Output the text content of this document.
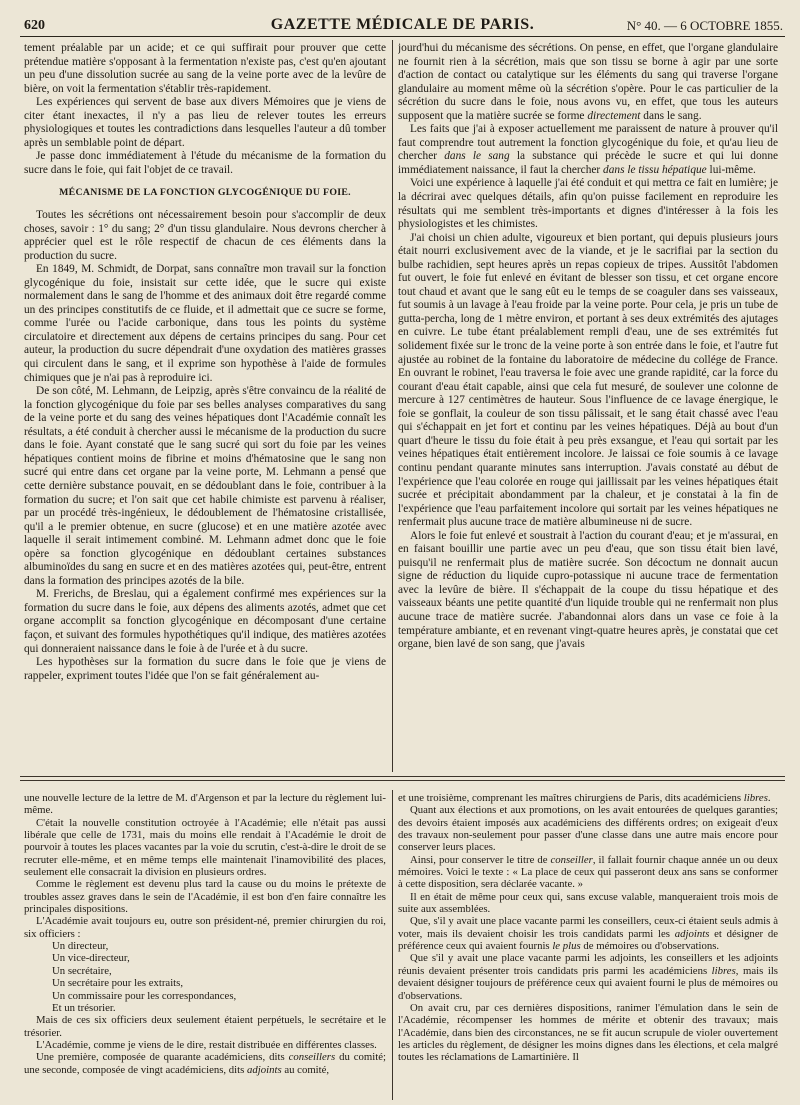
620	GAZETTE MÉDICALE DE PARIS.	N° 40. — 6 OCTOBRE 1855.

tement préalable par un acide; et ce qui suffirait pour prouver que cette prétendue matière s'opposant à la fermentation n'existe pas, c'est qu'en ajoutant un peu d'une dissolution sucrée au sang de la veine porte avec de la levûre de bière, on voit la fermentation s'établir très-rapidement.

Les expériences qui servent de base aux divers Mémoires que je viens de citer étant inexactes, il n'y a pas lieu de relever toutes les erreurs physiologiques et toutes les contradictions dans lesquelles l'auteur a dû tomber après un semblable point de départ.

Je passe donc immédiatement à l'étude du mécanisme de la formation du sucre dans le foie, qui fait l'objet de ce travail.

MÉCANISME DE LA FONCTION GLYCOGÉNIQUE DU FOIE.

Toutes les sécrétions ont nécessairement besoin pour s'accomplir de deux choses, savoir : 1° du sang; 2° d'un tissu glandulaire. Nous devrons chercher à apprécier quel est le rôle respectif de chacun de ces éléments dans la production du sucre.

En 1849, M. Schmidt, de Dorpat, sans connaître mon travail sur la fonction glycogénique du foie, insistait sur cette idée, que le sucre qui existe normalement dans le sang de l'homme et des animaux doit être regardé comme un des principes constitutifs de ce fluide, et il admettait que ce sucre se forme, comme l'urée ou l'acide carbonique, dans tous les points du système circulatoire et directement aux dépens de certains principes du sang. Pour cet auteur, la production du sucre dépendrait d'une oxydation des matières grasses qui circulent dans le sang, et il exprime son hypothèse à l'aide de formules chimiques que je n'ai pas à reproduire ici.

De son côté, M. Lehmann, de Leipzig, après s'être convaincu de la réalité de la fonction glycogénique du foie par ses belles analyses comparatives du sang de la veine porte et du sang des veines hépatiques dont l'Académie connaît les résultats, a été conduit à chercher aussi le mécanisme de la production du sucre dans le foie. Ayant constaté que le sang sucré qui sort du foie par les veines hépatiques contient moins de fibrine et moins d'hématosine que le sang non sucré qui entre dans cet organe par la veine porte, M. Lehmann a pensé que cette dernière substance pouvait, en se dédoublant dans le foie, contribuer à la formation du sucre; et l'on sait que cet habile chimiste est parvenu à réaliser, par un procédé très-ingénieux, le dédoublement de l'hématosine cristallisée, qu'il a le premier obtenue, en sucre (glucose) et en une matière azotée avec laquelle il serait intimement combiné. M. Lehmann admet donc que le foie opère sa fonction glycogénique en dédoublant certaines substances albuminoïdes du sang en sucre et en des matières azotées qui, peut-être, entrent dans la formation des principes azotés de la bile.

M. Frerichs, de Breslau, qui a également confirmé mes expériences sur la formation du sucre dans le foie, aux dépens des aliments azotés, admet que cet organe accomplit sa fonction glycogénique en décomposant d'une certaine façon, et suivant des formules hypothétiques qu'il indique, des matières azotées qui donneraient naissance dans le foie à de l'urée et à du sucre.

Les hypothèses sur la formation du sucre dans le foie que je viens de rappeler, expriment toutes l'idée que l'on se fait généralement au-

jourd'hui du mécanisme des sécrétions. On pense, en effet, que l'organe glandulaire ne fournit rien à la sécrétion, mais que son tissu se borne à agir par une sorte d'action de contact ou catalytique sur les éléments du sang qui traverse l'organe glandulaire au moment même où la sécrétion s'opère. Pour le cas particulier de la sécrétion du sucre dans le foie, nous avons vu, en effet, que tous les auteurs supposent que la matière sucrée se forme directement dans le sang.

Les faits que j'ai à exposer actuellement me paraissent de nature à prouver qu'il faut comprendre tout autrement la fonction glycogénique du foie, et qu'au lieu de chercher dans le sang la substance qui précède le sucre et qui lui donne immédiatement naissance, il faut la chercher dans le tissu hépatique lui-même.

Voici une expérience à laquelle j'ai été conduit et qui mettra ce fait en lumière; je la décrirai avec quelques détails, afin qu'on puisse facilement en reproduire les résultats qui me semblent très-importants et dignes d'intéresser à la fois les physiologistes et les chimistes.

J'ai choisi un chien adulte, vigoureux et bien portant, qui depuis plusieurs jours était nourri exclusivement avec de la viande, et je le sacrifiai par la section du bulbe rachidien, sept heures après un repas copieux de tripes. Aussitôt l'abdomen fut ouvert, le foie fut enlevé en évitant de blesser son tissu, et cet organe encore tout chaud et avant que le sang eût eu le temps de se coaguler dans ses vaisseaux, fut soumis à un lavage à l'eau froide par la veine porte. Pour cela, je pris un tube de gutta-percha, long de 1 mètre environ, et portant à ses deux extrémités des ajutages en cuivre. Le tube étant préalablement rempli d'eau, une de ses extrémités fut solidement fixée sur le tronc de la veine porte à son entrée dans le foie, et l'autre fut ajustée au robinet de la fontaine du laboratoire de médecine du collége de France. En ouvrant le robinet, l'eau traversa le foie avec une grande rapidité, car la force du courant d'eau était capable, ainsi que cela fut mesuré, de soulever une colonne de mercure à 127 centimètres de hauteur. Sous l'influence de ce lavage énergique, le foie se gonflait, la couleur de son tissu pâlissait, et le sang était chassé avec l'eau qui s'échappait en jet fort et continu par les veines hépatiques. Déjà au bout d'un quart d'heure le tissu du foie était à peu près exsangue, et l'eau qui sortait par les veines hépatiques était entièrement incolore. Je laissai ce foie soumis à ce lavage continu pendant quarante minutes sans interruption. J'avais constaté au début de l'expérience que l'eau colorée en rouge qui jaillissait par les veines hépatiques était sucrée et précipitait abondamment par la chaleur, et je constatai à la fin de l'expérience que l'eau parfaitement incolore qui sortait par les veines hépatiques ne renfermait plus aucune trace de matière albumineuse ni de sucre.

Alors le foie fut enlevé et soustrait à l'action du courant d'eau; et je m'assurai, en en faisant bouillir une partie avec un peu d'eau, que son tissu était bien lavé, puisqu'il ne renfermait plus de matière sucrée. Son décoctum ne donnait aucun signe de réduction du liquide cupro-potassique ni aucune trace de fermentation avec la levûre de bière. Il s'échappait de la coupe du tissu hépatique et des vaisseaux béants une petite quantité d'un liquide trouble qui ne renfermait non plus aucune trace de matière sucrée. J'abandonnai alors dans un vase ce foie à la température ambiante, et en revenant vingt-quatre heures après, je constatai que cet organe, bien lavé de son sang, que j'avais

une nouvelle lecture de la lettre de M. d'Argenson et par la lecture du règlement lui-même.

C'était la nouvelle constitution octroyée à l'Académie; elle n'était pas aussi libérale que celle de 1731, mais du moins elle rendait à l'Académie le droit de pourvoir à toutes les places vacantes par la voie du scrutin, c'est-à-dire le droit de se recruter elle-même, et en même temps elle maintenait l'inamovibilité des places, seulement elle consacrait la division en plusieurs ordres.

Comme le règlement est devenu plus tard la cause ou du moins le prétexte de troubles assez graves dans le sein de l'Académie, il est bon d'en faire connaître les principales dispositions.

L'Académie avait toujours eu, outre son président-né, premier chirurgien du roi, six officiers :

Un directeur,

Un vice-directeur,

Un secrétaire,

Un secrétaire pour les extraits,

Un commissaire pour les correspondances,

Et un trésorier.

Mais de ces six officiers deux seulement étaient perpétuels, le secrétaire et le trésorier.

L'Académie, comme je viens de le dire, restait distribuée en différentes classes.

Une première, composée de quarante académiciens, dits conseillers du comité; une seconde, composée de vingt académiciens, dits adjoints au comité,

et une troisième, comprenant les maîtres chirurgiens de Paris, dits académiciens libres.

Quant aux élections et aux promotions, on les avait entourées de quelques garanties; des devoirs étaient imposés aux académiciens des différents ordres; on exigeait d'eux des travaux non-seulement pour passer d'une classe dans une autre mais encore pour conserver leurs places.

Ainsi, pour conserver le titre de conseiller, il fallait fournir chaque année un ou deux mémoires. Voici le texte : « La place de ceux qui passeront deux ans sans se conformer à cette disposition, sera déclarée vacante. »

Il en était de même pour ceux qui, sans excuse valable, manqueraient trois mois de suite aux assemblées.

Que, s'il y avait une place vacante parmi les conseillers, ceux-ci étaient seuls admis à voter, mais ils devaient choisir les trois candidats parmi les adjoints et désigner de préférence ceux qui avaient fournis le plus de mémoires ou d'observations.

Que s'il y avait une place vacante parmi les adjoints, les conseillers et les adjoints réunis devaient présenter trois candidats pris parmi les académiciens libres, mais ils devaient désigner toujours de préférence ceux qui avaient fourni le plus de mémoires ou d'observations.

On avait cru, par ces dernières dispositions, ranimer l'émulation dans le sein de l'Académie, récompenser les hommes de mérite et obtenir des travaux; mais l'Académie, dans bien des circonstances, ne se fit aucun scrupule de violer ouvertement les articles du règlement, de désigner les moins dignes dans les élections, et cela malgré toutes les réclamations de Lamartinière. Il
